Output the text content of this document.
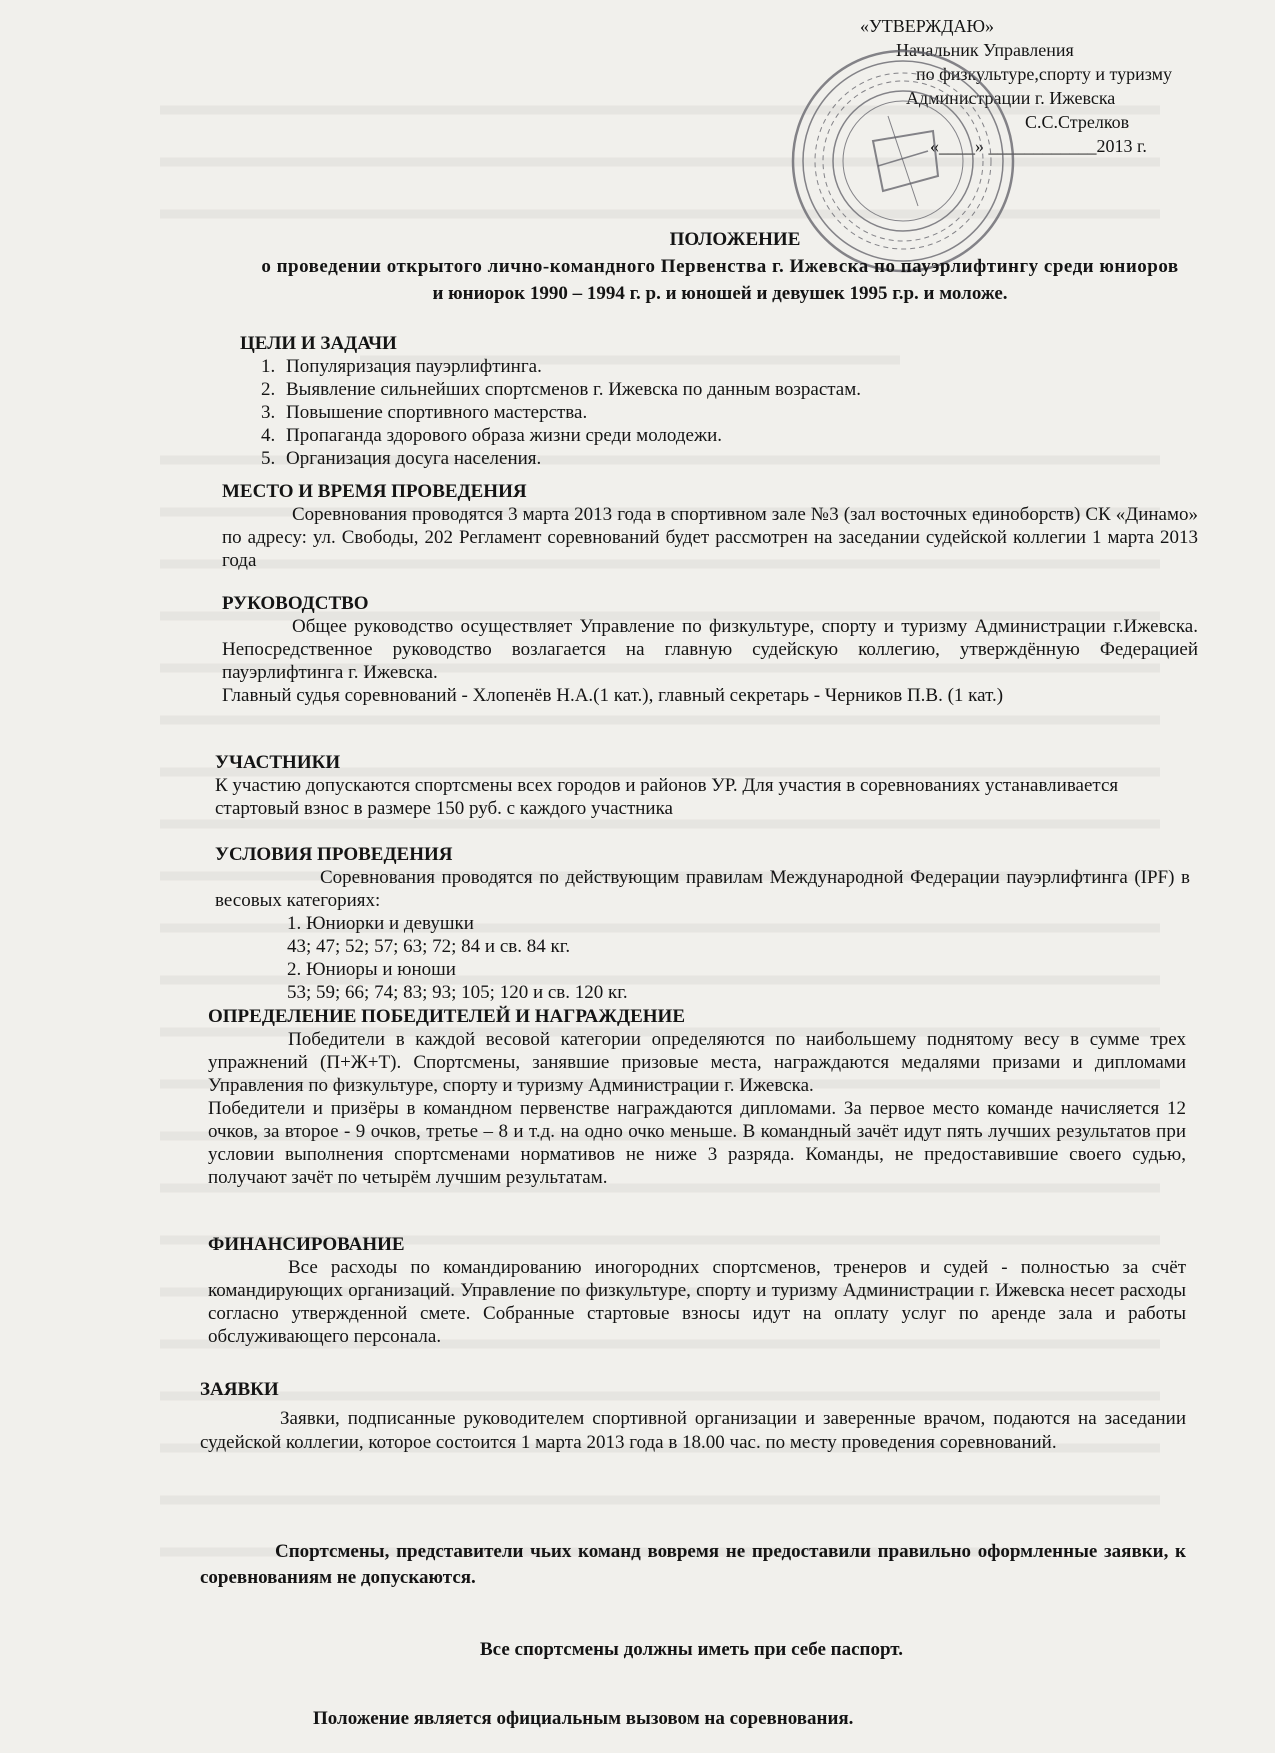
«УТВЕРЖДАЮ»
Начальник Управления
по физкультуре,спорту и туризму
Администрации г. Ижевска
С.С.Стрелков
«____» ____________2013 г.
ПОЛОЖЕНИЕ
о проведении открытого лично-командного Первенства г. Ижевска по пауэрлифтингу среди юниоров
и юниорок 1990 – 1994 г. р. и юношей и девушек 1995 г.р. и моложе.
ЦЕЛИ И ЗАДАЧИ
1. Популяризация пауэрлифтинга.
2. Выявление сильнейших спортсменов г. Ижевска по данным возрастам.
3. Повышение спортивного мастерства.
4. Пропаганда здорового образа жизни среди молодежи.
5. Организация досуга населения.
МЕСТО И ВРЕМЯ ПРОВЕДЕНИЯ
Соревнования проводятся 3 марта 2013 года в спортивном зале №3 (зал восточных единоборств) СК «Динамо» по адресу: ул. Свободы, 202 Регламент соревнований будет рассмотрен на заседании судейской коллегии 1 марта 2013 года
РУКОВОДСТВО
Общее руководство осуществляет Управление по физкультуре, спорту и туризму Администрации г.Ижевска. Непосредственное руководство возлагается на главную судейскую коллегию, утверждённую Федерацией пауэрлифтинга г. Ижевска.
Главный судья соревнований - Хлопенёв Н.А.(1 кат.), главный секретарь - Черников П.В. (1 кат.)
УЧАСТНИКИ
К участию допускаются спортсмены всех городов и районов УР. Для участия в соревнованиях устанавливается стартовый взнос в размере 150 руб. с каждого участника
УСЛОВИЯ ПРОВЕДЕНИЯ
Соревнования проводятся по действующим правилам Международной Федерации пауэрлифтинга (IPF) в весовых категориях:
1. Юниорки и девушки
43; 47; 52; 57; 63; 72; 84 и св. 84 кг.
2. Юниоры и юноши
53; 59; 66; 74; 83; 93; 105; 120 и св. 120 кг.
ОПРЕДЕЛЕНИЕ ПОБЕДИТЕЛЕЙ И НАГРАЖДЕНИЕ
Победители в каждой весовой категории определяются по наибольшему поднятому весу в сумме трех упражнений (П+Ж+Т). Спортсмены, занявшие призовые места, награждаются медалями призами и дипломами Управления по физкультуре, спорту и туризму Администрации г. Ижевска.
Победители и призёры в командном первенстве награждаются дипломами. За первое место команде начисляется 12 очков, за второе - 9 очков, третье – 8 и т.д. на одно очко меньше. В командный зачёт идут пять лучших результатов при условии выполнения спортсменами нормативов не ниже 3 разряда. Команды, не предоставившие своего судью, получают зачёт по четырём лучшим результатам.
ФИНАНСИРОВАНИЕ
Все расходы по командированию иногородних спортсменов, тренеров и судей - полностью за счёт командирующих организаций. Управление по физкультуре, спорту и туризму Администрации г. Ижевска несет расходы согласно утвержденной смете. Собранные стартовые взносы идут на оплату услуг по аренде зала и работы обслуживающего персонала.
ЗАЯВКИ
Заявки, подписанные руководителем спортивной организации и заверенные врачом, подаются на заседании судейской коллегии, которое состоится 1 марта 2013 года в 18.00 час. по месту проведения соревнований.
Спортсмены, представители чьих команд вовремя не предоставили правильно оформленные заявки, к соревнованиям не допускаются.
Все спортсмены должны иметь при себе паспорт.
Положение является официальным вызовом на соревнования.
